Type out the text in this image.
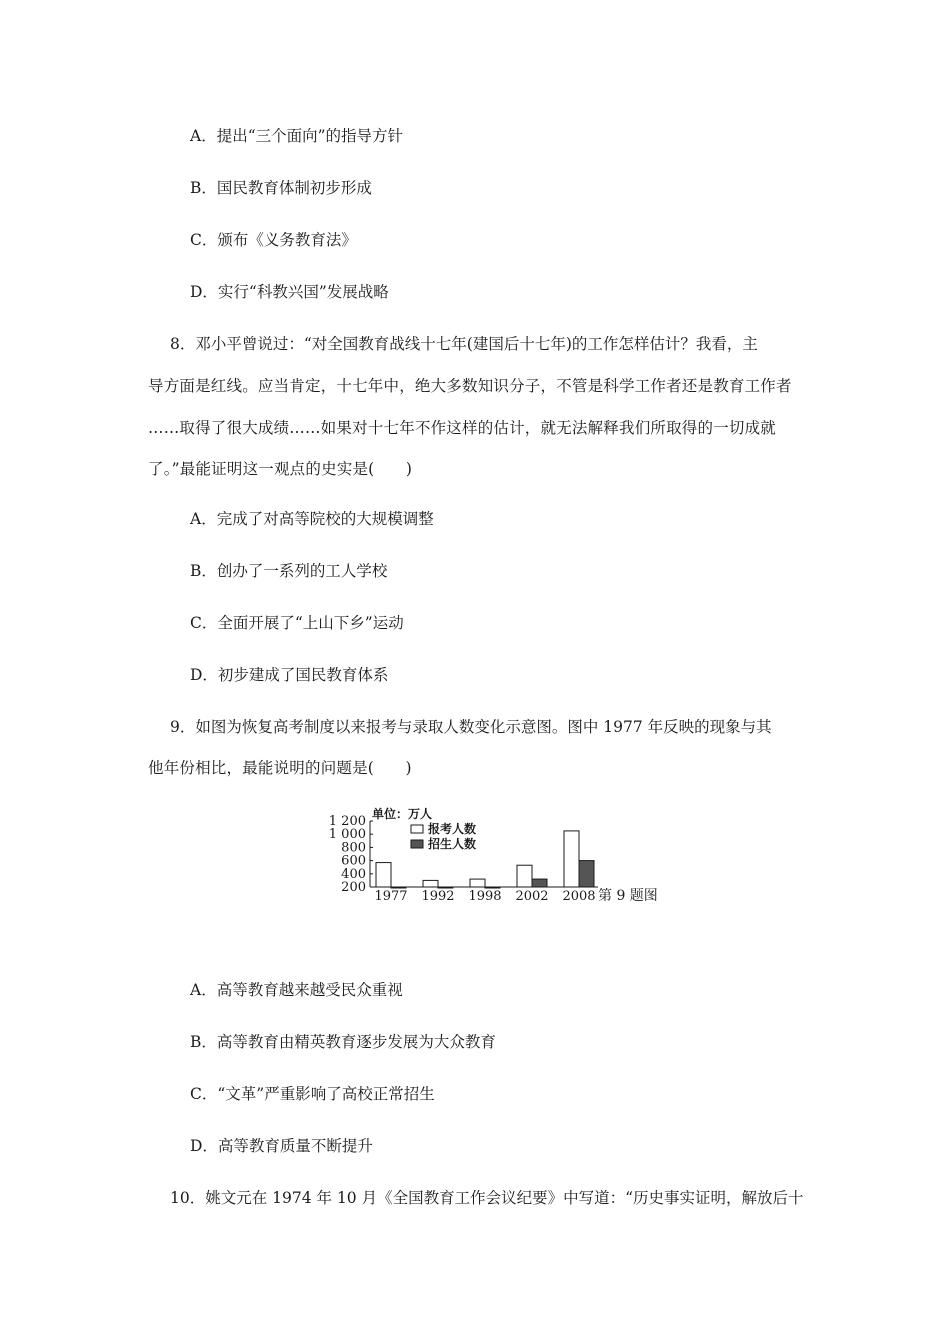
A．提出“三个面向”的指导方针
B．国民教育体制初步形成
C．颁布《义务教育法》
D．实行“科教兴国”发展战略
8．邓小平曾说过：“对全国教育战线十七年(建国后十七年)的工作怎样估计？我看，主
导方面是红线。应当肯定，十七年中，绝大多数知识分子，不管是科学工作者还是教育工作者
……取得了很大成绩……如果对十七年不作这样的估计，就无法解释我们所取得的一切成就
了。”最能证明这一观点的史实是(　　)
A．完成了对高等院校的大规模调整
B．创办了一系列的工人学校
C．全面开展了“上山下乡”运动
D．初步建成了国民教育体系
9．如图为恢复高考制度以来报考与录取人数变化示意图。图中 1977 年反映的现象与其
他年份相比，最能说明的问题是(　　)
单位：万人
报考人数
招生人数
1 200
1 000
800
600
400
200
1977 1992 1998 2002 2008 第 9 题图
A．高等教育越来越受民众重视
B．高等教育由精英教育逐步发展为大众教育
C．“文革”严重影响了高校正常招生
D．高等教育质量不断提升
10．姚文元在 1974 年 10 月《全国教育工作会议纪要》中写道：“历史事实证明，解放后十
